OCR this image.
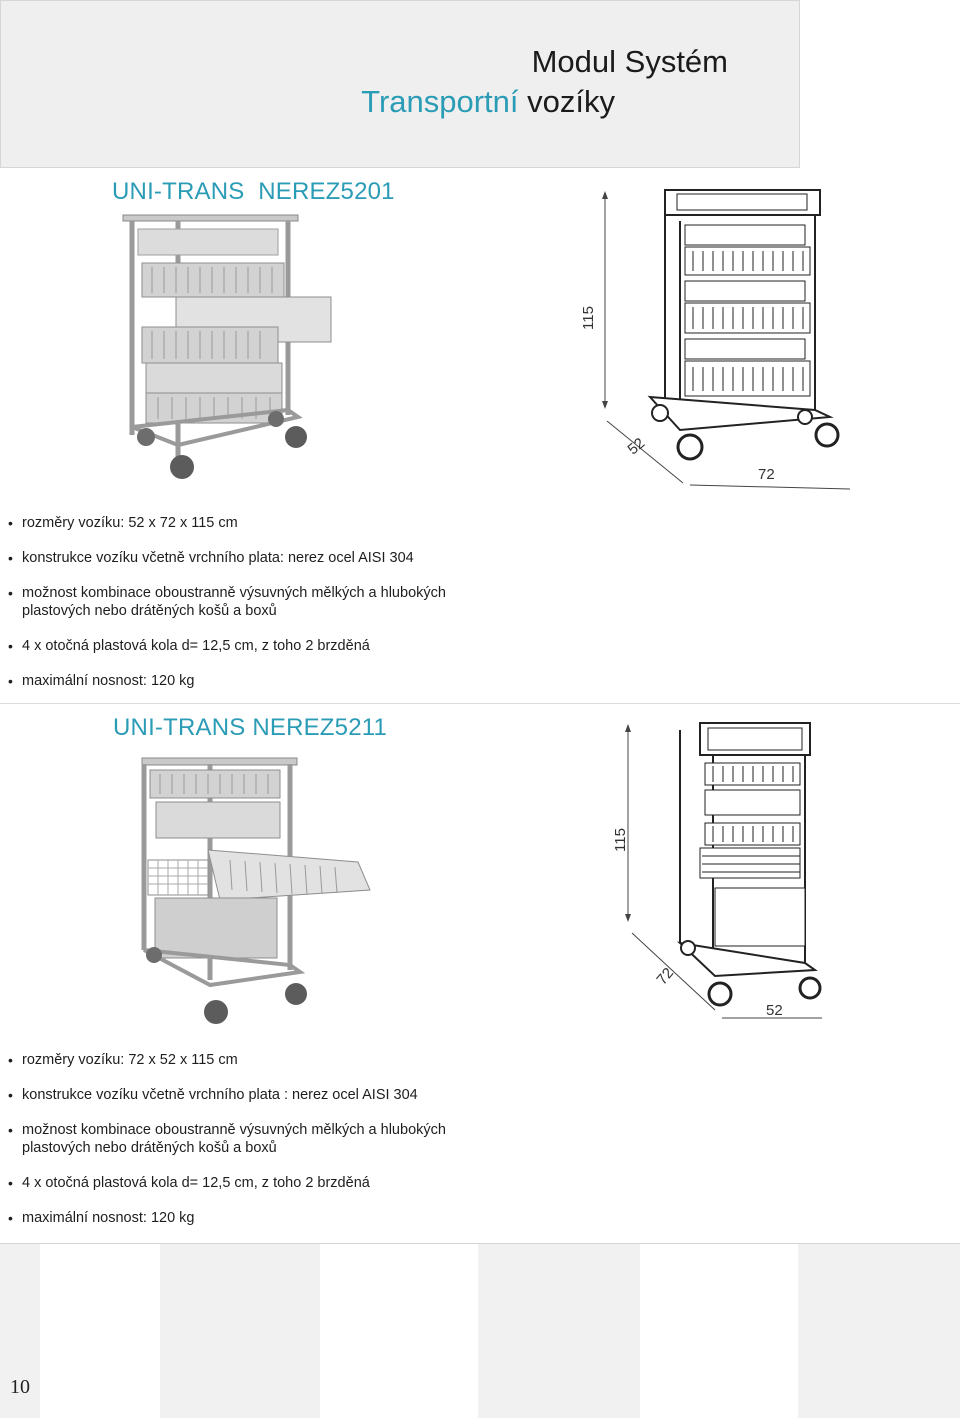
Modul Systém
Transportní vozíky
UNI-TRANS  NEREZ5201
115
52
72
• rozměry vozíku: 52 x 72 x 115 cm
• konstrukce vozíku včetně vrchního plata: nerez ocel AISI 304
• možnost kombinace oboustranně výsuvných mělkých a hlubokých plastových nebo drátěných košů a boxů
• 4 x otočná plastová kola d= 12,5 cm, z toho 2 brzděná
• maximální nosnost: 120 kg
UNI-TRANS NEREZ5211
115
72
52
• rozměry vozíku: 72 x 52 x 115 cm
• konstrukce vozíku včetně vrchního plata : nerez ocel AISI 304
• možnost kombinace oboustranně výsuvných mělkých a hlubokých plastových nebo drátěných košů a boxů
• 4 x otočná plastová kola d= 12,5 cm, z toho 2 brzděná
• maximální nosnost: 120 kg
10
